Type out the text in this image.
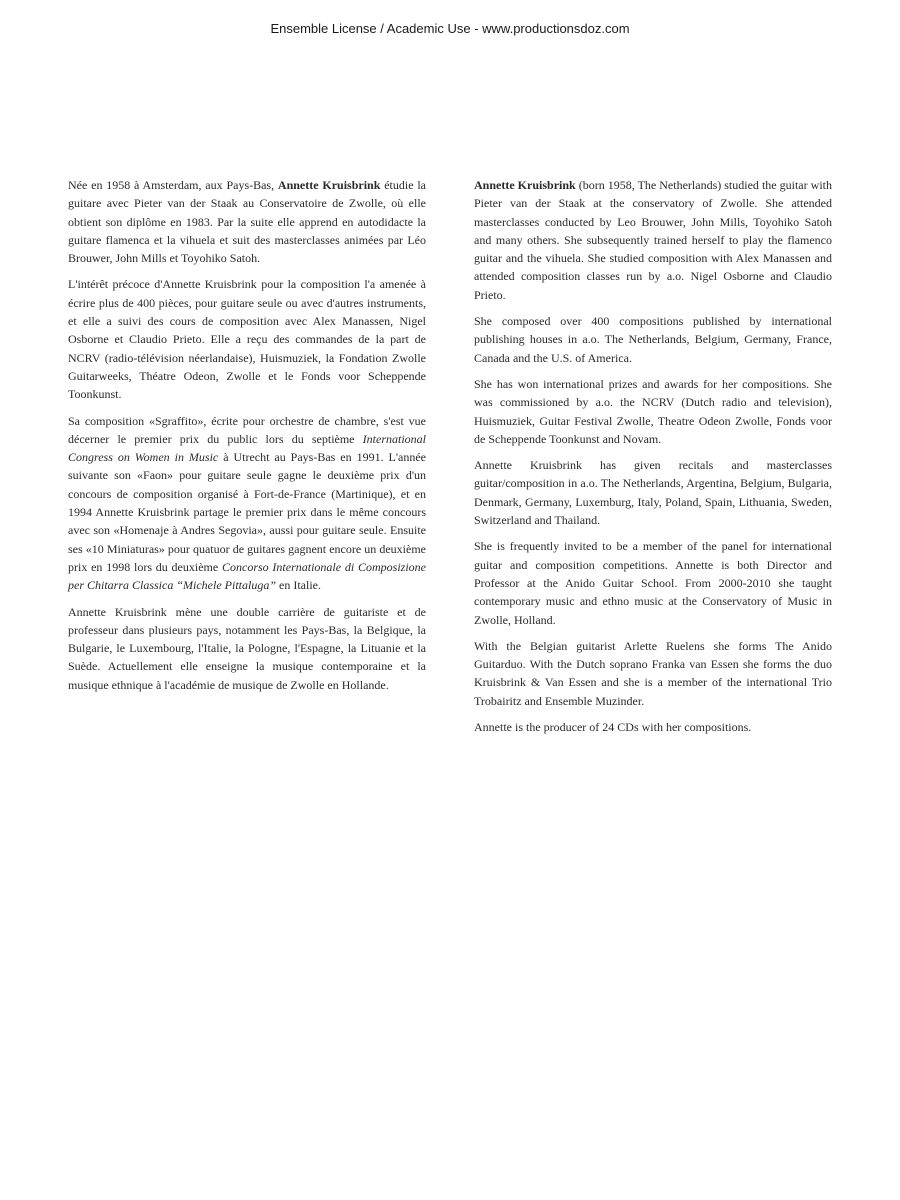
Ensemble License / Academic Use - www.productionsdoz.com

Née en 1958 à Amsterdam, aux Pays-Bas, Annette Kruisbrink étudie la guitare avec Pieter van der Staak au Conservatoire de Zwolle, où elle obtient son diplôme en 1983. Par la suite elle apprend en autodidacte la guitare flamenca et la vihuela et suit des masterclasses animées par Léo Brouwer, John Mills et Toyohiko Satoh.

L'intérêt précoce d'Annette Kruisbrink pour la composition l'a amenée à écrire plus de 400 pièces, pour guitare seule ou avec d'autres instruments, et elle a suivi des cours de composition avec Alex Manassen, Nigel Osborne et Claudio Prieto. Elle a reçu des commandes de la part de NCRV (radio-télévision néerlandaise), Huismuziek, la Fondation Zwolle Guitarweeks, Théatre Odeon, Zwolle et le Fonds voor Scheppende Toonkunst.

Sa composition «Sgraffito», écrite pour orchestre de chambre, s'est vue décerner le premier prix du public lors du septième International Congress on Women in Music à Utrecht au Pays-Bas en 1991. L'année suivante son «Faon» pour guitare seule gagne le deuxième prix d'un concours de composition organisé à Fort-de-France (Martinique), et en 1994 Annette Kruisbrink partage le premier prix dans le même concours avec son «Homenaje à Andres Segovia», aussi pour guitare seule. Ensuite ses «10 Miniaturas» pour quatuor de guitares gagnent encore un deuxième prix en 1998 lors du deuxième Concorso Internationale di Composizione per Chitarra Classica “Michele Pittaluga” en Italie.

Annette Kruisbrink mène une double carrière de guitariste et de professeur dans plusieurs pays, notamment les Pays-Bas, la Belgique, la Bulgarie, le Luxembourg, l'Italie, la Pologne, l'Espagne, la Lituanie et la Suède. Actuellement elle enseigne la musique contemporaine et la musique ethnique à l'académie de musique de Zwolle en Hollande.

Annette Kruisbrink (born 1958, The Netherlands) studied the guitar with Pieter van der Staak at the conservatory of Zwolle. She attended masterclasses conducted by Leo Brouwer, John Mills, Toyohiko Satoh and many others. She subsequently trained herself to play the flamenco guitar and the vihuela. She studied composition with Alex Manassen and attended composition classes run by a.o. Nigel Osborne and Claudio Prieto.

She composed over 400 compositions published by international publishing houses in a.o. The Netherlands, Belgium, Germany, France, Canada and the U.S. of America.

She has won international prizes and awards for her compositions. She was commissioned by a.o. the NCRV (Dutch radio and television), Huismuziek, Guitar Festival Zwolle, Theatre Odeon Zwolle, Fonds voor de Scheppende Toonkunst and Novam.

Annette Kruisbrink has given recitals and masterclasses guitar/composition in a.o. The Netherlands, Argentina, Belgium, Bulgaria, Denmark, Germany, Luxemburg, Italy, Poland, Spain, Lithuania, Sweden, Switzerland and Thailand.

She is frequently invited to be a member of the panel for international guitar and composition competitions. Annette is both Director and Professor at the Anido Guitar School. From 2000-2010 she taught contemporary music and ethno music at the Conservatory of Music in Zwolle, Holland.

With the Belgian guitarist Arlette Ruelens she forms The Anido Guitarduo. With the Dutch soprano Franka van Essen she forms the duo Kruisbrink & Van Essen and she is a member of the international Trio Trobairitz and Ensemble Muzinder.

Annette is the producer of 24 CDs with her compositions.
